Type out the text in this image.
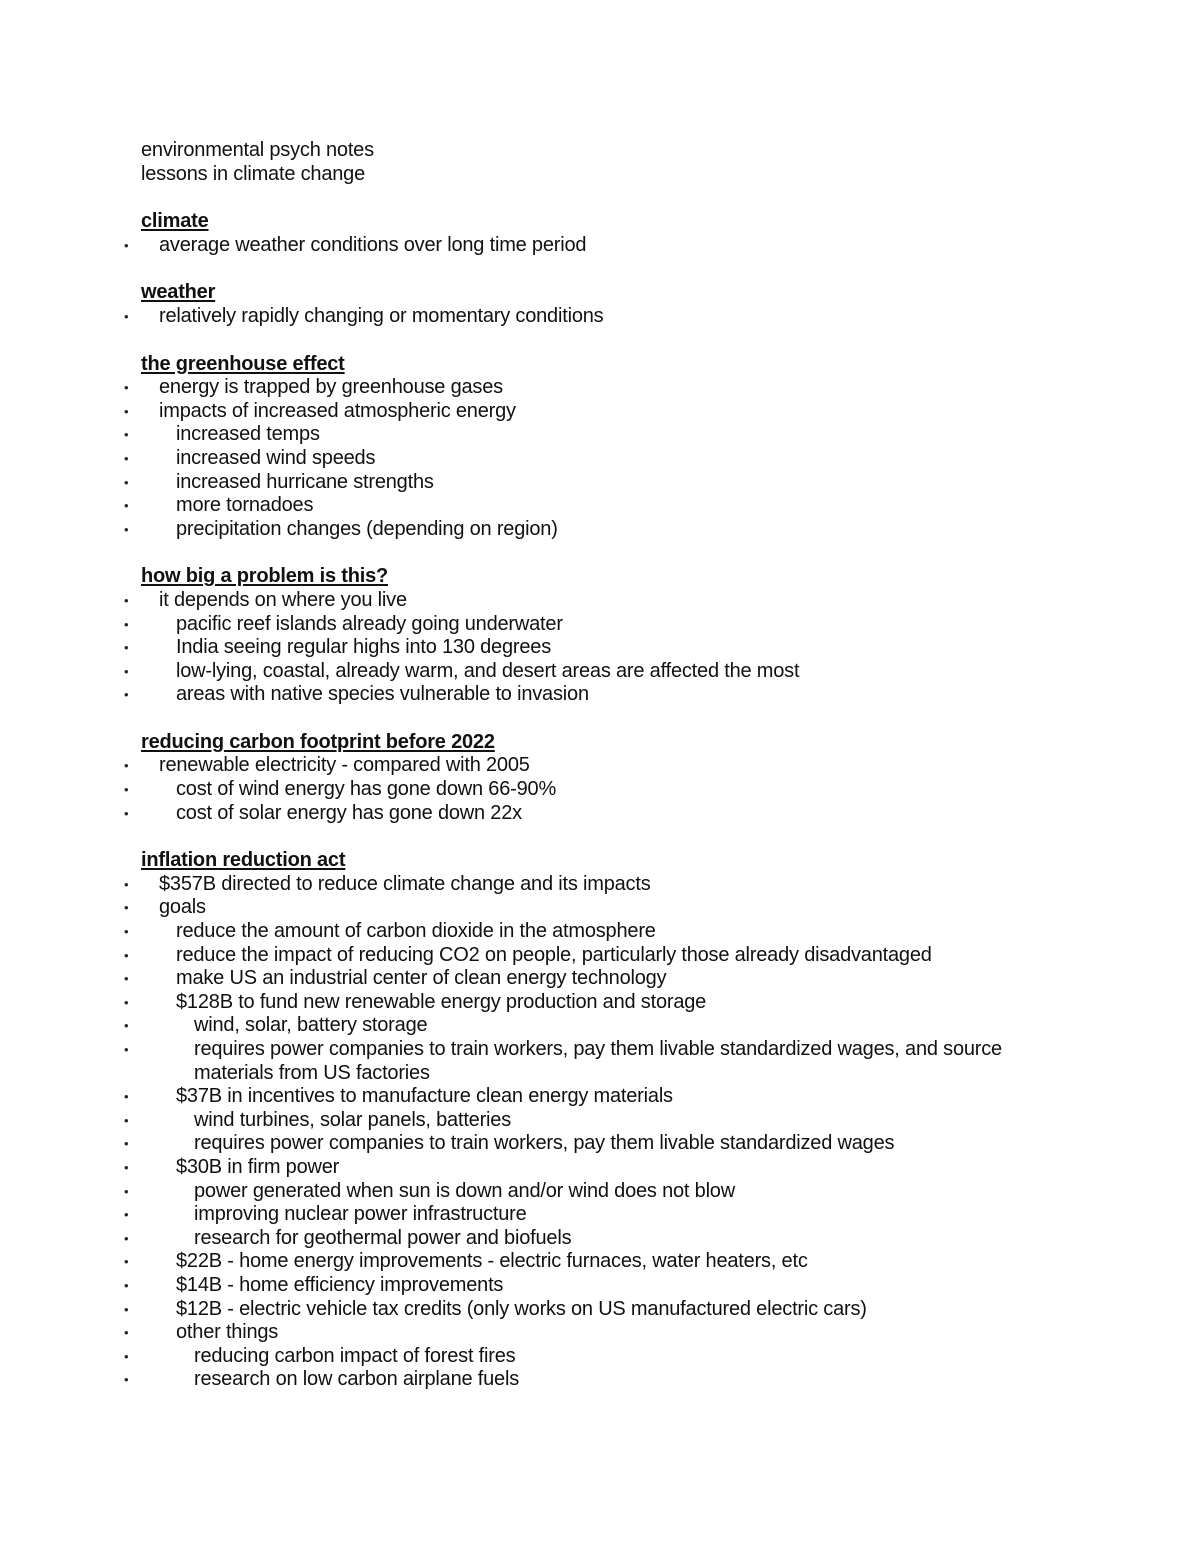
environmental psych notes
lessons in climate change
climate
• average weather conditions over long time period
weather
• relatively rapidly changing or momentary conditions
the greenhouse effect
• energy is trapped by greenhouse gases
• impacts of increased atmospheric energy
• increased temps
• increased wind speeds
• increased hurricane strengths
• more tornadoes
• precipitation changes (depending on region)
how big a problem is this?
• it depends on where you live
• pacific reef islands already going underwater
• India seeing regular highs into 130 degrees
• low-lying, coastal, already warm, and desert areas are affected the most
• areas with native species vulnerable to invasion
reducing carbon footprint before 2022
• renewable electricity - compared with 2005
• cost of wind energy has gone down 66-90%
• cost of solar energy has gone down 22x
inflation reduction act
• $357B directed to reduce climate change and its impacts
• goals
• reduce the amount of carbon dioxide in the atmosphere
• reduce the impact of reducing CO2 on people, particularly those already disadvantaged
• make US an industrial center of clean energy technology
• $128B to fund new renewable energy production and storage
• wind, solar, battery storage
• requires power companies to train workers, pay them livable standardized wages, and source materials from US factories
• $37B in incentives to manufacture clean energy materials
• wind turbines, solar panels, batteries
• requires power companies to train workers, pay them livable standardized wages
• $30B in firm power
• power generated when sun is down and/or wind does not blow
• improving nuclear power infrastructure
• research for geothermal power and biofuels
• $22B - home energy improvements - electric furnaces, water heaters, etc
• $14B - home efficiency improvements
• $12B - electric vehicle tax credits (only works on US manufactured electric cars)
• other things
• reducing carbon impact of forest fires
• research on low carbon airplane fuels
